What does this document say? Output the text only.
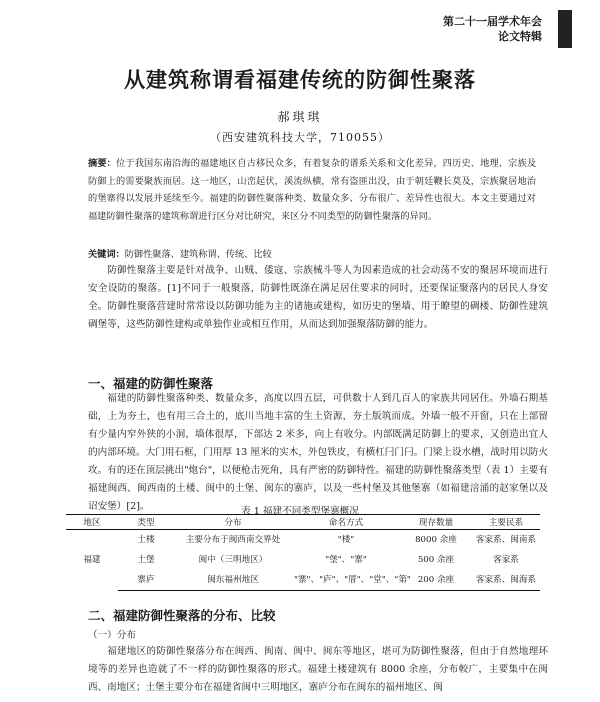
第二十一届学术年会
论文特辑
从建筑称谓看福建传统的防御性聚落
郝琪琪
（西安建筑科技大学，710055）
摘要：位于我国东南沿海的福建地区自古移民众多，有着复杂的谱系关系和文化差异，四历史、地理、宗族及防御上的需要聚族而居。这一地区，山峦起伏，溪流纵横，常有盗匪出没，由于朝廷鞭长莫及，宗族聚居地治的堡寨得以发展并延续至今。福建的防御性聚落种类、数量众多、分布很广、差异性也很大。本文主要通过对福建防御性聚落的建筑称谓进行区分对比研究，来区分不同类型的防御性聚落的异同。
关键词：防御性聚落、建筑称谓、传统、比较
防御性聚落主要是针对战争、山贼、倭寇、宗族械斗等人为因素造成的社会动荡不安的聚居环境而进行安全设防的聚落。[1]不同于一般聚落，防御性既涤在满足居住要求的同时，还要保证聚落内的居民人身安全。防御性聚落营建时常常设以防御功能为主的诸施或建构，如历史的堡墙、用于瞭望的碉楼、防御性建筑碉堡等，这些防御性建构或单独作业或相互作用，从而达到加强聚落防御的能力。
一、福建的防御性聚落
福建的防御性聚落种类、数量众多，高度以四五层，可供数十人到几百人的家族共同居住。外墙石期基础，上为夯土，也有用三合土的，底川当地丰富的生土资源，夯土版筑而成。外墙一般不开窗，只在上部留有少量内窄外狭的小洞，墙体很厚，下部达 2 米多，向上有收分。内部既满足防御上的要求，又创造出宜人的内部环境。大门用石框，门用厚 13 厘米的实木，外包铁皮，有横杠闩门闩。门梁上设水槽，战时用以防火攻。有的还在顶层挑出"炮台"，以便枪击死角，具有严密的防御特性。福建的防御性聚落类型（表 1）主要有福建闽西、闽西南的土楼、闽中的土堡、闽东的寨庐，以及一些村堡及其他堡寨（如福建涪涌的赵家堡以及诏安堡）[2]。	表 1 福建不同类型堡寨概况
地区	类型	分布	命名方式	现存数量	主要民系
福建	土楼	主要分布于闽西南交界处	"楼"	8000 余座	客家系、闽南系
	土堡	闽中（三明地区）	"堡"、"寨"	500 余座	客家系
	寨庐	闽东福州地区	"寨"、"庐"、"厝"、"堂"、"第"	200 余座	客家系、闽海系
二、福建防御性聚落的分布、比较
（一）分布
福建地区的防御性聚落分布在闽西、闽南、闽中、闽东等地区，堪可为防御性聚落，但由于自然地理环境等的差异也造就了不一样的防御性聚落的形式。福建土楼建筑有 8000 余座，分布較广，主要集中在闽西、南地区；土堡主要分布在福建省闽中三明地区，寨庐分布在闽东的福州地区、闽
